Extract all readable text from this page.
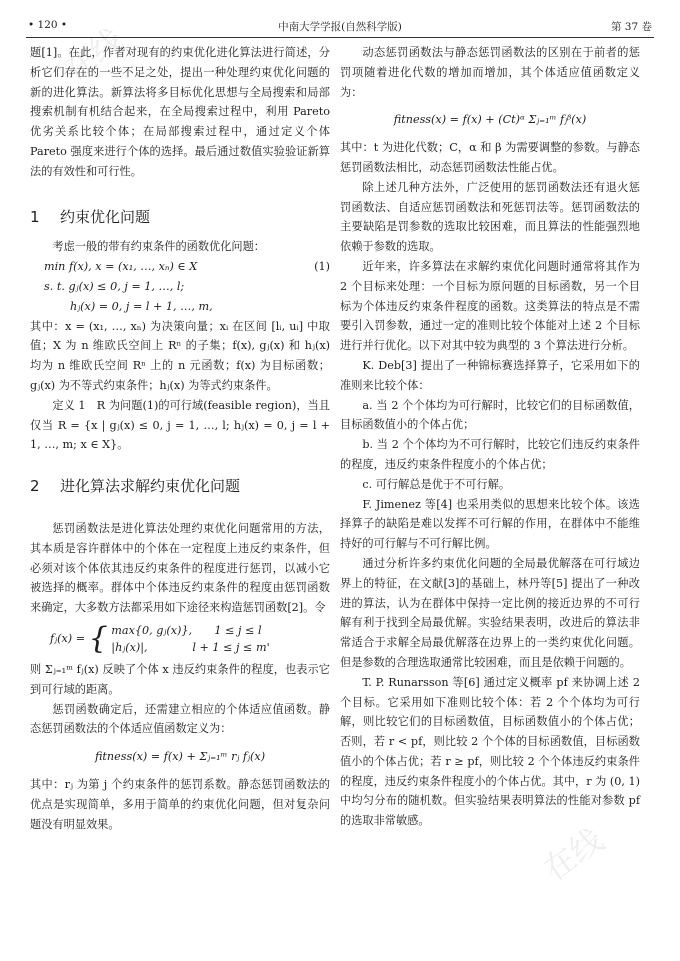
在线
在线
• 120 •	中南大学学报(自然科学版)	第 37 卷

题[1]。在此，作者对现有的约束优化进化算法进行简述，分析它们存在的一些不足之处，提出一种处理约束优化问题的新的进化算法。新算法将多目标优化思想与全局搜索和局部搜索机制有机结合起来，在全局搜索过程中，利用 Pareto 优劣关系比较个体；在局部搜索过程中，通过定义个体 Pareto 强度来进行个体的选择。最后通过数值实验验证新算法的有效性和可行性。

1 约束优化问题

考虑一般的带有约束条件的函数优化问题：

min f(x), x = (x₁, …, xₙ) ∈ X	(1)
s. t. gⱼ(x) ≤ 0, j = 1, …, l;
hⱼ(x) = 0, j = l + 1, …, m,

其中：x = (x₁, …, xₙ) 为决策向量；xᵢ 在区间 [lᵢ, uᵢ] 中取值；X 为 n 维欧氏空间上 Rⁿ 的子集；f(x), gⱼ(x) 和 hⱼ(x) 均为 n 维欧氏空间 Rⁿ 上的 n 元函数；f(x) 为目标函数；gⱼ(x) 为不等式约束条件；hⱼ(x) 为等式约束条件。

定义 1　R 为问题(1)的可行域(feasible region)，当且仅当 R = {x | gⱼ(x) ≤ 0, j = 1, …, l; hⱼ(x) = 0, j = l + 1, …, m; x ∈ X}。

2 进化算法求解约束优化问题

惩罚函数法是进化算法处理约束优化问题常用的方法，其本质是容许群体中的个体在一定程度上违反约束条件，但必须对该个体依其违反约束条件的程度进行惩罚，以减小它被选择的概率。群体中个体违反约束条件的程度由惩罚函数来确定，大多数方法都采用如下途径来构造惩罚函数[2]。令

fⱼ(x) = { max{0, gⱼ(x)},　　1 ≤ j ≤ l
|hⱼ(x)|,　　　　l + 1 ≤ j ≤ m'

则 Σⱼ₌₁ᵐ fⱼ(x) 反映了个体 x 违反约束条件的程度，也表示它到可行域的距离。

惩罚函数确定后，还需建立相应的个体适应值函数。静态惩罚函数法的个体适应值函数定义为：

fitness(x) = f(x) + Σⱼ₌₁ᵐ rⱼ fⱼ(x)

其中：rⱼ 为第 j 个约束条件的惩罚系数。静态惩罚函数法的优点是实现简单，多用于简单的约束优化问题，但对复杂问题没有明显效果。

动态惩罚函数法与静态惩罚函数法的区别在于前者的惩罚项随着进化代数的增加而增加，其个体适应值函数定义为：

fitness(x) = f(x) + (Ct)ᵅ Σⱼ₌₁ᵐ fⱼᵝ(x)

其中：t 为进化代数；C，α 和 β 为需要调整的参数。与静态惩罚函数法相比，动态惩罚函数法性能占优。

除上述几种方法外，广泛使用的惩罚函数法还有退火惩罚函数法、自适应惩罚函数法和死惩罚法等。惩罚函数法的主要缺陷是罚参数的选取比较困难，而且算法的性能强烈地依赖于参数的选取。

近年来，许多算法在求解约束优化问题时通常将其作为 2 个目标来处理：一个目标为原问题的目标函数，另一个目标为个体违反约束条件程度的函数。这类算法的特点是不需要引入罚参数，通过一定的准则比较个体能对上述 2 个目标进行并行优化。以下对其中较为典型的 3 个算法进行分析。

K. Deb[3] 提出了一种锦标赛选择算子，它采用如下的准则来比较个体：

a. 当 2 个个体均为可行解时，比较它们的目标函数值，目标函数值小的个体占优；

b. 当 2 个个体均为不可行解时，比较它们违反约束条件的程度，违反约束条件程度小的个体占优；

c. 可行解总是优于不可行解。

F. Jimenez 等[4] 也采用类似的思想来比较个体。该选择算子的缺陷是难以发挥不可行解的作用，在群体中不能维持好的可行解与不可行解比例。

通过分析许多约束优化问题的全局最优解落在可行域边界上的特征，在文献[3]的基础上，林丹等[5] 提出了一种改进的算法，认为在群体中保持一定比例的接近边界的不可行解有利于找到全局最优解。实验结果表明，改进后的算法非常适合于求解全局最优解落在边界上的一类约束优化问题。但是参数的合理选取通常比较困难，而且是依赖于问题的。

T. P. Runarsson 等[6] 通过定义概率 pf 来协调上述 2 个目标。它采用如下准则比较个体：若 2 个个体均为可行解，则比较它们的目标函数值，目标函数值小的个体占优；否则，若 r < pf，则比较 2 个个体的目标函数值，目标函数值小的个体占优；若 r ≥ pf，则比较 2 个个体违反约束条件的程度，违反约束条件程度小的个体占优。其中，r 为 (0, 1) 中均匀分布的随机数。但实验结果表明算法的性能对参数 pf 的选取非常敏感。
